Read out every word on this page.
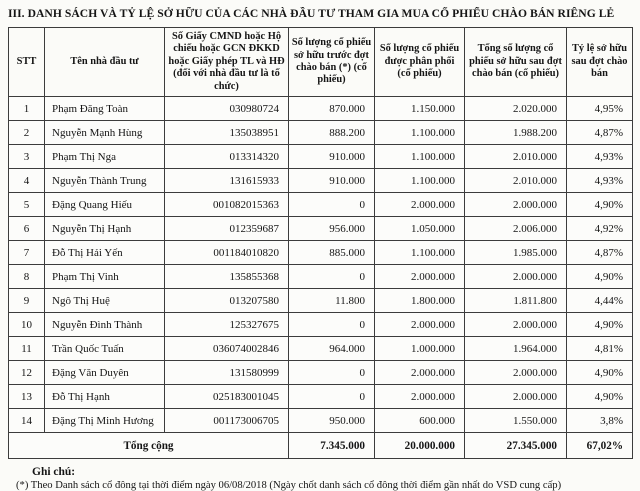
III. DANH SÁCH VÀ TỶ LỆ SỞ HỮU CỦA CÁC NHÀ ĐẦU TƯ THAM GIA MUA CỔ PHIẾU CHÀO BÁN RIÊNG LẺ
STT	Tên nhà đầu tư	Số Giấy CMND hoặc Hộ chiếu hoặc GCN ĐKKD hoặc Giấy phép TL và HĐ (đối với nhà đầu tư là tổ chức)	Số lượng cổ phiếu sở hữu trước đợt chào bán (*) (cổ phiếu)	Số lượng cổ phiếu được phân phối (cổ phiếu)	Tổng số lượng cổ phiếu sở hữu sau đợt chào bán (cổ phiếu)	Tỷ lệ sở hữu sau đợt chào bán
1	Phạm Đăng Toàn	030980724	870.000	1.150.000	2.020.000	4,95%
2	Nguyễn Mạnh Hùng	135038951	888.200	1.100.000	1.988.200	4,87%
3	Phạm Thị Nga	013314320	910.000	1.100.000	2.010.000	4,93%
4	Nguyễn Thành Trung	131615933	910.000	1.100.000	2.010.000	4,93%
5	Đặng Quang Hiếu	001082015363	0	2.000.000	2.000.000	4,90%
6	Nguyễn Thị Hạnh	012359687	956.000	1.050.000	2.006.000	4,92%
7	Đỗ Thị Hải Yến	001184010820	885.000	1.100.000	1.985.000	4,87%
8	Phạm Thị Vinh	135855368	0	2.000.000	2.000.000	4,90%
9	Ngô Thị Huệ	013207580	11.800	1.800.000	1.811.800	4,44%
10	Nguyễn Đình Thành	125327675	0	2.000.000	2.000.000	4,90%
11	Trần Quốc Tuấn	036074002846	964.000	1.000.000	1.964.000	4,81%
12	Đặng Văn Duyên	131580999	0	2.000.000	2.000.000	4,90%
13	Đỗ Thị Hạnh	025183001045	0	2.000.000	2.000.000	4,90%
14	Đặng Thị Minh Hương	001173006705	950.000	600.000	1.550.000	3,8%
Tổng cộng			7.345.000	20.000.000	27.345.000	67,02%
Ghi chú:
(*) Theo Danh sách cổ đông tại thời điểm ngày 06/08/2018 (Ngày chốt danh sách cổ đông thời điểm gần nhất do VSD cung cấp)
